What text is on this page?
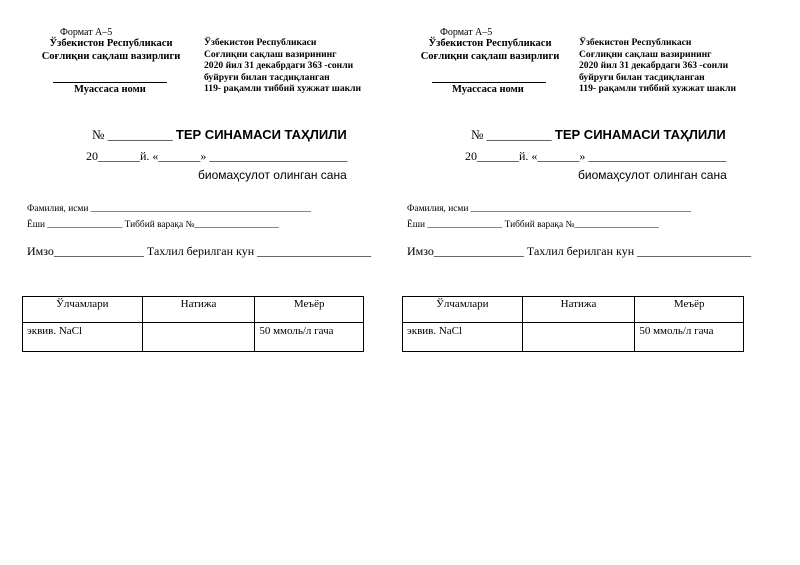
Формат А–5
Ўзбекистон Республикаси Соғлиқни сақлаш вазирлиги
Ўзбекистон Республикаси
Соғлиқни сақлаш вазирининг
2020 йил 31 декабрдаги 363 -сонли
буйруғи билан тасдиқланган
119- рақамли тиббий хужжат шакли
Муассаса номи
№ __________ ТЕР СИНАМАСИ ТАҲЛИЛИ
20_______й. «_______» _______________________
биомаҳсулот олинган сана
Фамилия, исми _______________________________________________
Ёши ________________ Тиббий варақа №__________________
Имзо_______________ Тахлил берилган кун ___________________
Ўлчамлари	Натижа	Меъёр
эквив. NaCl		50 ммоль/л гача
Формат А–5
Ўзбекистон Республикаси Соғлиқни сақлаш вазирлиги
Ўзбекистон Республикаси
Соғлиқни сақлаш вазирининг
2020 йил 31 декабрдаги 363 -сонли
буйруғи билан тасдиқланган
119- рақамли тиббий хужжат шакли
Муассаса номи
№ __________ ТЕР СИНАМАСИ ТАҲЛИЛИ
20_______й. «_______» _______________________
биомаҳсулот олинган сана
Фамилия, исми _______________________________________________
Ёши ________________ Тиббий варақа №__________________
Имзо_______________ Тахлил берилган кун ___________________
Ўлчамлари	Натижа	Меъёр
эквив. NaCl		50 ммоль/л гача
